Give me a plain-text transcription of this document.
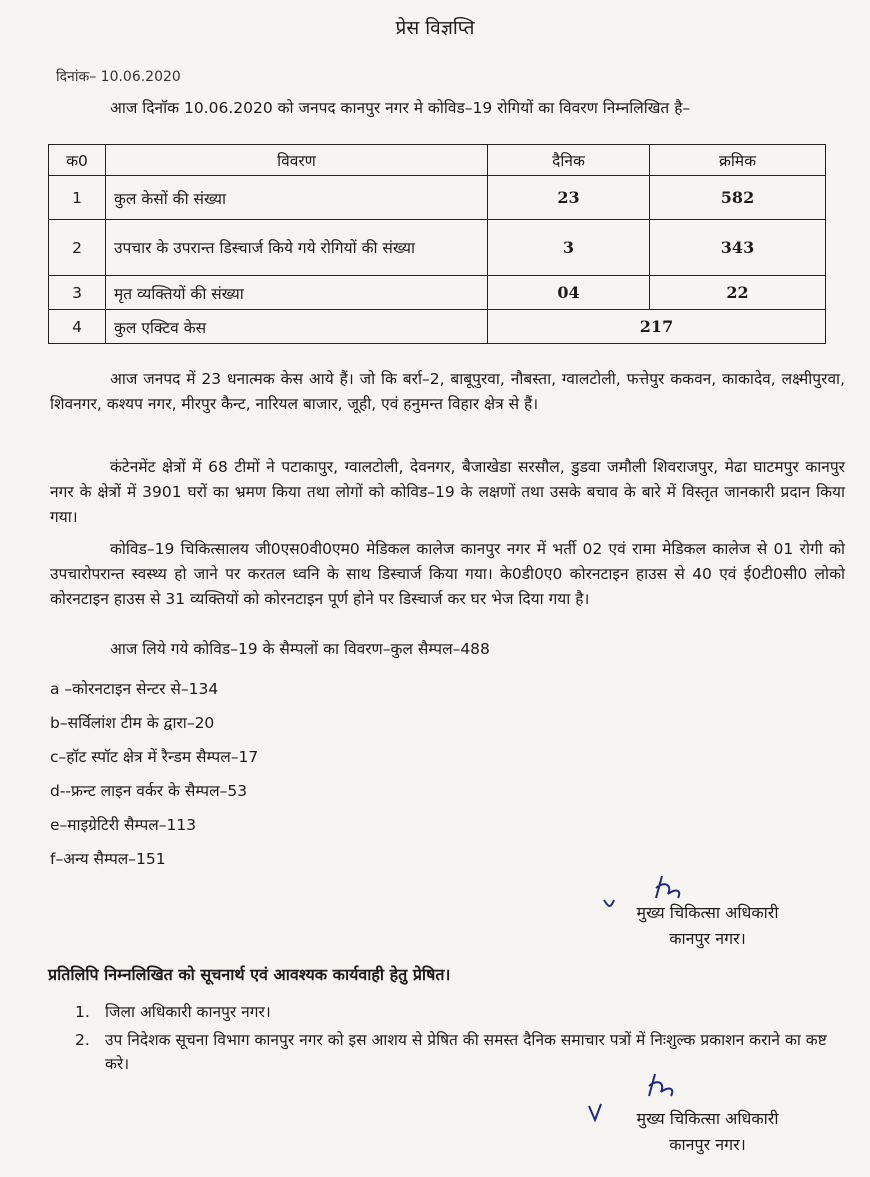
प्रेस विज्ञप्ति
दिनांक– 10.06.2020
आज दिनॉक 10.06.2020 को जनपद कानपुर नगर मे कोविड–19 रोगियों का विवरण निम्नलिखित है–
क0	विवरण	दैनिक	क्रमिक
1	कुल केसों की संख्या	23	582
2	उपचार के उपरान्त डिस्चार्ज किये गये रोगियों की संख्या	3	343
3	मृत व्यक्तियों की संख्या	04	22
4	कुल एक्टिव केस	217	
आज जनपद में 23 धनात्मक केस आये हैं। जो कि बर्रा–2, बाबूपुरवा, नौबस्ता, ग्वालटोली, फत्तेपुर ककवन, काकादेव, लक्ष्मीपुरवा, शिवनगर, कश्यप नगर, मीरपुर कैन्ट, नारियल बाजार, जूही, एवं हनुमन्त विहार क्षेत्र से हैं।
कंटेनमेंट क्षेत्रों में 68 टीमों ने पटाकापुर, ग्वालटोली, देवनगर, बैजाखेडा सरसौल, डुडवा जमौली शिवराजपुर, मेढा घाटमपुर कानपुर नगर के क्षेत्रों में 3901 घरों का भ्रमण किया तथा लोगों को कोविड–19 के लक्षणों तथा उसके बचाव के बारे में विस्तृत जानकारी प्रदान किया गया।
कोविड–19 चिकित्सालय जी0एस0वी0एम0 मेडिकल कालेज कानपुर नगर में भर्ती 02 एवं रामा मेडिकल कालेज से 01 रोगी को उपचारोपरान्त स्वस्थ्य हो जाने पर करतल ध्वनि के साथ डिस्चार्ज किया गया। के0डी0ए0 कोरनटाइन हाउस से 40 एवं ई0टी0सी0 लोको कोरनटाइन हाउस से 31 व्यक्तियों को कोरनटाइन पूर्ण होने पर डिस्चार्ज कर घर भेज दिया गया है।
आज लिये गये कोविड–19 के सैम्पलों का विवरण–कुल सैम्पल–488
a –कोरनटाइन सेन्टर से–134
b–सर्विलांश टीम के द्वारा–20
c–हॉट स्पॉट क्षेत्र में रैन्डम सैम्पल–17
d--फ्रन्ट लाइन वर्कर के सैम्पल–53
e–माइग्रेटिरी सैम्पल–113
f–अन्य सैम्पल–151
मुख्य चिकित्सा अधिकारी
कानपुर नगर।
प्रतिलिपि निम्नलिखित को सूचनार्थ एवं आवश्यक कार्यवाही हेतु प्रेषित।
1. जिला अधिकारी कानपुर नगर।
2. उप निदेशक सूचना विभाग कानपुर नगर को इस आशय से प्रेषित की समस्त दैनिक समाचार पत्रों में निःशुल्क प्रकाशन कराने का कष्ट करे।
मुख्य चिकित्सा अधिकारी
कानपुर नगर।
